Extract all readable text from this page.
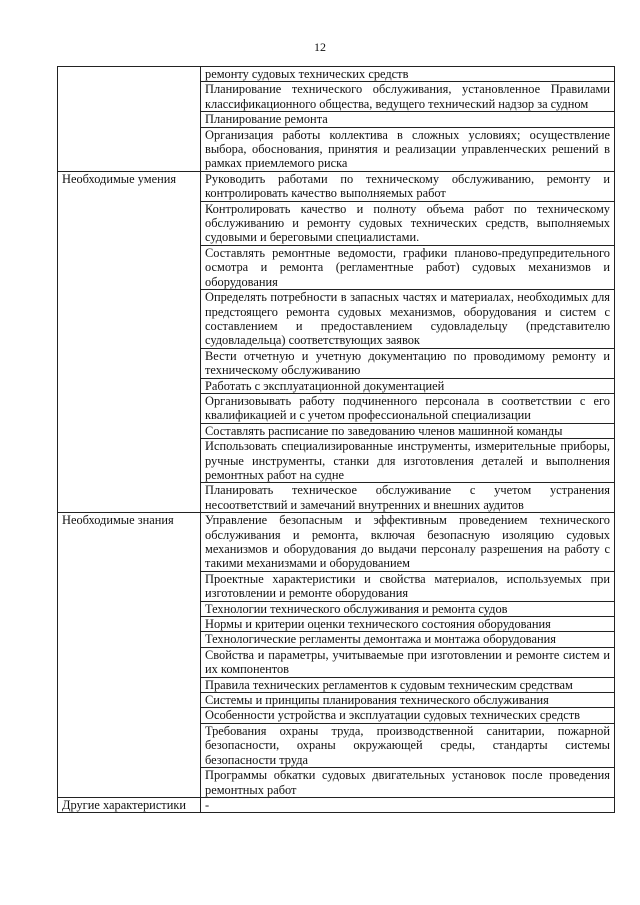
12
	ремонту судовых технических средств
	Планирование технического обслуживания, установленное Правилами классификационного общества, ведущего технический надзор за судном
	Планирование ремонта
	Организация работы коллектива в сложных условиях; осуществление выбора, обоснования, принятия и реализации управленческих решений в рамках приемлемого риска
Необходимые умения	Руководить работами по техническому обслуживанию, ремонту и контролировать качество выполняемых работ
	Контролировать качество и полноту объема работ по техническому обслуживанию и ремонту судовых технических средств, выполняемых судовыми и береговыми специалистами.
	Составлять ремонтные ведомости, графики планово-предупредительного осмотра и ремонта (регламентные работ) судовых механизмов и оборудования
	Определять потребности в запасных частях и материалах, необходимых для предстоящего ремонта судовых механизмов, оборудования и систем с составлением и предоставлением судовладельцу (представителю судовладельца) соответствующих заявок
	Вести отчетную и учетную документацию по проводимому ремонту и техническому обслуживанию
	Работать с эксплуатационной документацией
	Организовывать работу подчиненного персонала в соответствии с его квалификацией и с учетом профессиональной специализации
	Составлять расписание по заведованию членов машинной команды
	Использовать специализированные инструменты, измерительные приборы, ручные инструменты, станки для изготовления деталей и выполнения ремонтных работ на судне
	Планировать техническое обслуживание с учетом устранения несоответствий и замечаний внутренних и внешних аудитов
Необходимые знания	Управление безопасным и эффективным проведением технического обслуживания и ремонта, включая безопасную изоляцию судовых механизмов и оборудования до выдачи персоналу разрешения на работу с такими механизмами и оборудованием
	Проектные характеристики и свойства материалов, используемых при изготовлении и ремонте оборудования
	Технологии технического обслуживания и ремонта судов
	Нормы и критерии оценки технического состояния оборудования
	Технологические регламенты демонтажа и монтажа оборудования
	Свойства и параметры, учитываемые при изготовлении и ремонте систем и их компонентов
	Правила технических регламентов к судовым техническим средствам
	Системы и принципы планирования технического обслуживания
	Особенности устройства и эксплуатации судовых технических средств
	Требования охраны труда, производственной санитарии, пожарной безопасности, охраны окружающей среды, стандарты системы безопасности труда
	Программы обкатки судовых двигательных установок после проведения ремонтных работ
Другие характеристики	-
